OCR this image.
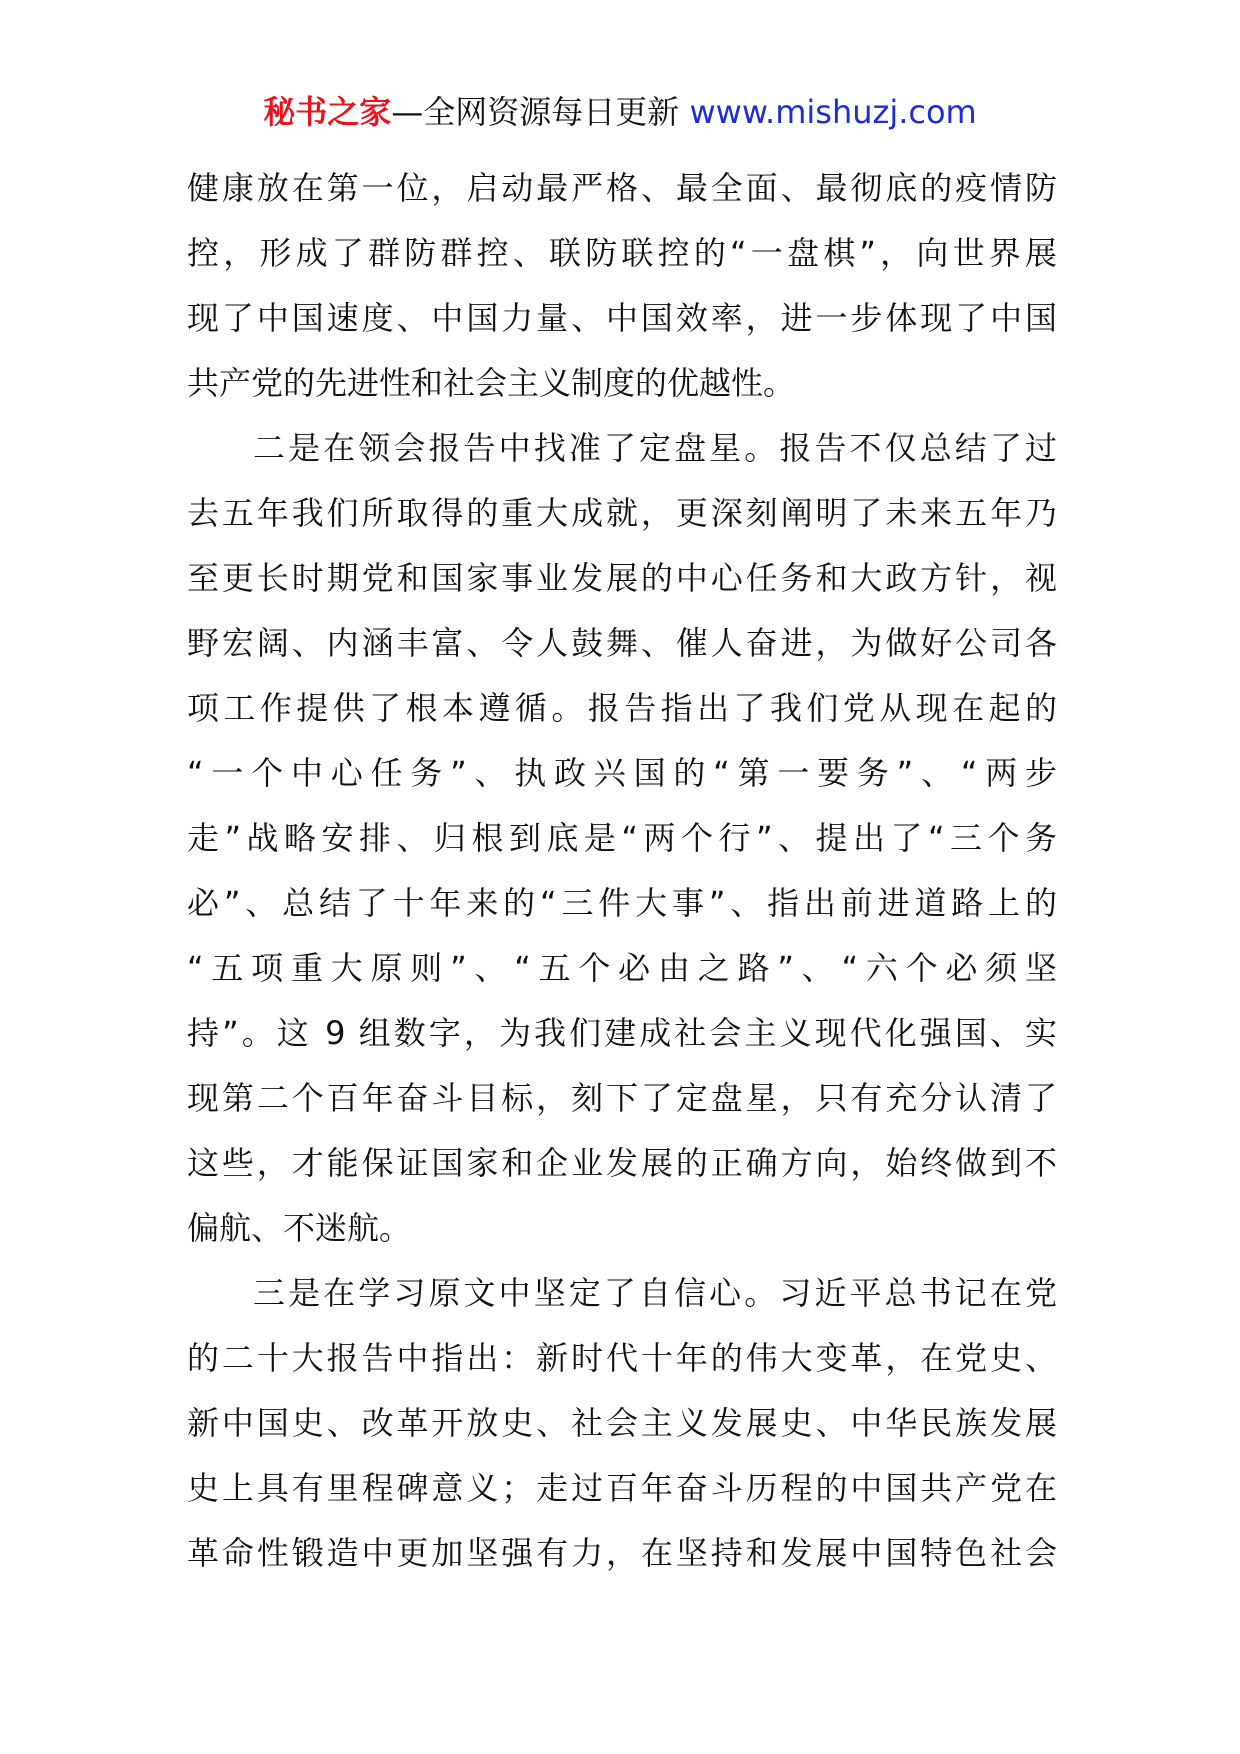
秘书之家—全网资源每日更新 www.mishuzj.com
健康放在第一位，启动最严格、最全面、最彻底的疫情防
控，形成了群防群控、联防联控的“一盘棋”，向世界展
现了中国速度、中国力量、中国效率，进一步体现了中国
共产党的先进性和社会主义制度的优越性。
二是在领会报告中找准了定盘星。报告不仅总结了过
去五年我们所取得的重大成就，更深刻阐明了未来五年乃
至更长时期党和国家事业发展的中心任务和大政方针，视
野宏阔、内涵丰富、令人鼓舞、催人奋进，为做好公司各
项工作提供了根本遵循。报告指出了我们党从现在起的
“一个中心任务”、执政兴国的“第一要务”、“两步
走”战略安排、归根到底是“两个行”、提出了“三个务
必”、总结了十年来的“三件大事”、指出前进道路上的
“五项重大原则”、“五个必由之路”、“六个必须坚
持”。这 9 组数字，为我们建成社会主义现代化强国、实
现第二个百年奋斗目标，刻下了定盘星，只有充分认清了
这些，才能保证国家和企业发展的正确方向，始终做到不
偏航、不迷航。
三是在学习原文中坚定了自信心。习近平总书记在党
的二十大报告中指出：新时代十年的伟大变革，在党史、
新中国史、改革开放史、社会主义发展史、中华民族发展
史上具有里程碑意义；走过百年奋斗历程的中国共产党在
革命性锻造中更加坚强有力，在坚持和发展中国特色社会
